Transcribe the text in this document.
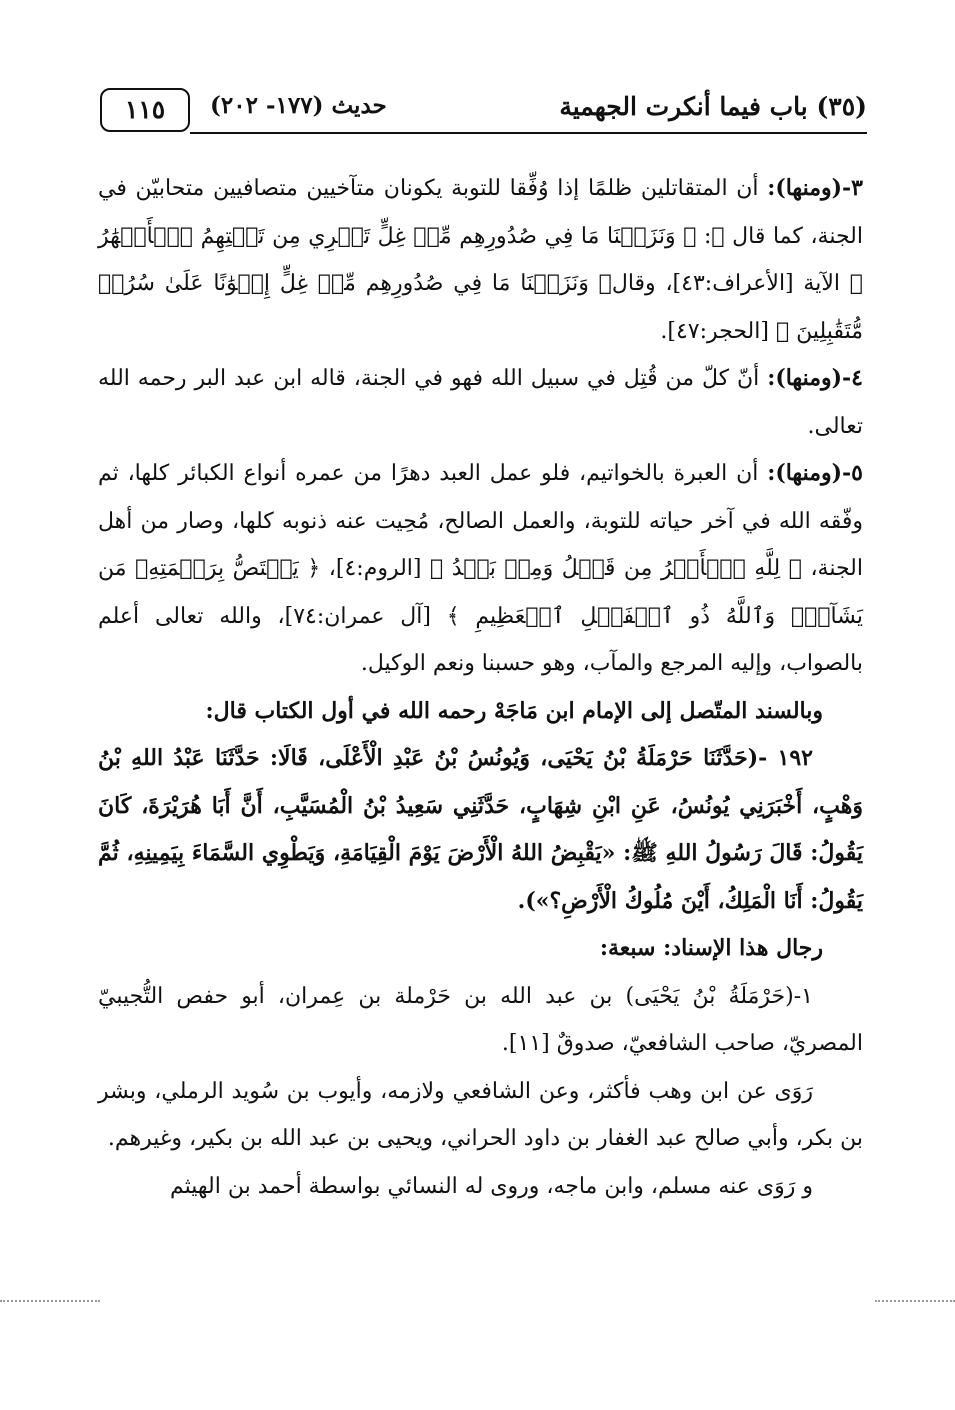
(٣٥) باب فيما أنكرت الجهمية
حديث (١٧٧- ٢٠٢)
١١٥

٣-(ومنها): أن المتقاتلين ظلمًا إذا وُفِّقا للتوبة يكونان متآخيين متصافيين متحابيّن في الجنة، كما قال ﷻ: ﴿ وَنَزَعۡنَا مَا فِي صُدُورِهِم مِّنۡ غِلٍّ تَجۡرِي مِن تَحۡتِهِمُ ٱلۡأَنۡهَٰرُ ﴾ الآية [الأعراف:٤٣]، وقال﴿ وَنَزَعۡنَا مَا فِي صُدُورِهِم مِّنۡ غِلٍّ إِخۡوَٰنًا عَلَىٰ سُرُرٖ مُّتَقَٰبِلِينَ ﴾ [الحجر:٤٧].

٤-(ومنها): أنّ كلّ من قُتِل في سبيل الله فهو في الجنة، قاله ابن عبد البر رحمه الله تعالى.

٥-(ومنها): أن العبرة بالخواتيم، فلو عمل العبد دهرًا من عمره أنواع الكبائر كلها، ثم وفّقه الله في آخر حياته للتوبة، والعمل الصالح، مُحِيت عنه ذنوبه كلها، وصار من أهل الجنة، ﴿ لِلَّهِ ٱلۡأَمۡرُ مِن قَبۡلُ وَمِنۢ بَعۡدُ ﴾ [الروم:٤]، ﴿ يَخۡتَصُّ بِرَحۡمَتِهِۦ مَن يَشَآءُۗ وَٱللَّهُ ذُو ٱلۡفَضۡلِ ٱلۡعَظِيمِ ﴾ [آل عمران:٧٤]، والله تعالى أعلم بالصواب، وإليه المرجع والمآب، وهو حسبنا ونعم الوكيل.

وبالسند المتّصل إلى الإمام ابن مَاجَهْ رحمه الله في أول الكتاب قال:

١٩٢ -(حَدَّثَنَا حَرْمَلَةُ بْنُ يَحْيَى، وَيُونُسُ بْنُ عَبْدِ الْأَعْلَى، قَالَا: حَدَّثَنَا عَبْدُ اللهِ بْنُ وَهْبٍ، أَخْبَرَنِي يُونُسُ، عَنِ ابْنِ شِهَابٍ، حَدَّثَنِي سَعِيدُ بْنُ الْمُسَيَّبِ، أَنَّ أَبَا هُرَيْرَةَ، كَانَ يَقُولُ: قَالَ رَسُولُ اللهِ ﷺ: «يَقْبِضُ اللهُ الْأَرْضَ يَوْمَ الْقِيَامَةِ، وَيَطْوِي السَّمَاءَ بِيَمِينِهِ، ثُمَّ يَقُولُ: أَنَا الْمَلِكُ، أَيْنَ مُلُوكُ الْأَرْضِ؟»).

رجال هذا الإسناد: سبعة:

١-(حَرْمَلَةُ بْنُ يَحْيَى) بن عبد الله بن حَرْملة بن عِمران، أبو حفص التُّجيبيّ المصريّ، صاحب الشافعيّ، صدوقٌ [١١].

رَوَى عن ابن وهب فأكثر، وعن الشافعي ولازمه، وأيوب بن سُويد الرملي، وبشر بن بكر، وأبي صالح عبد الغفار بن داود الحراني، ويحيى بن عبد الله بن بكير، وغيرهم.

و رَوَى عنه مسلم، وابن ماجه، وروى له النسائي بواسطة أحمد بن الهيثم
